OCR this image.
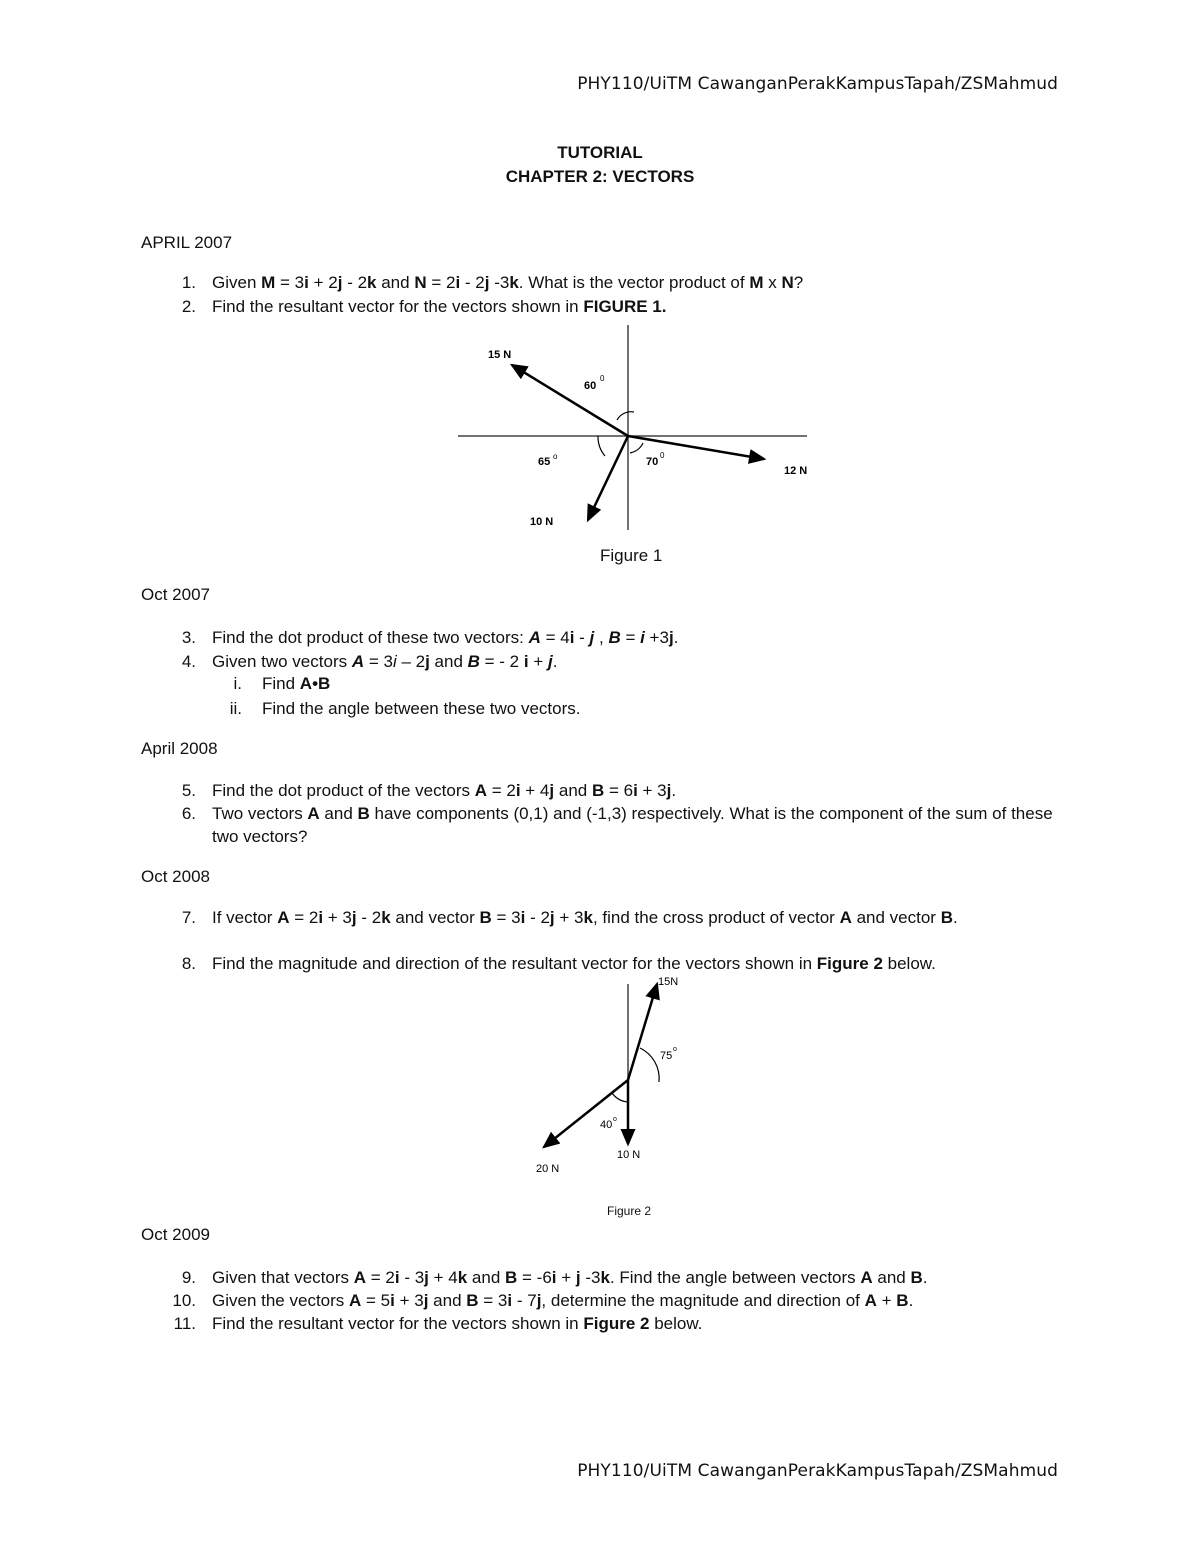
PHY110/UiTM CawanganPerakKampusTapah/ZSMahmud
TUTORIAL
CHAPTER 2: VECTORS
APRIL 2007
1. Given M = 3i + 2j - 2k and N = 2i - 2j -3k. What is the vector product of M x N?
2. Find the resultant vector for the vectors shown in FIGURE 1.
15 N
60
0
65 o	70
0
12 N
10 N
Figure 1
Oct 2007
3. Find the dot product of these two vectors: A = 4i - j , B = i +3j.
4. Given two vectors A = 3i – 2j and B = - 2 i + j.
i. Find A•B
ii. Find the angle between these two vectors.
April 2008
5. Find the dot product of the vectors A = 2i + 4j and B = 6i + 3j.
6. Two vectors A and B have components (0,1) and (-1,3) respectively. What is the component of the sum of these two vectors?
Oct 2008
7. If vector A = 2i + 3j - 2k and vector B = 3i - 2j + 3k, find the cross product of vector A and vector B.
8. Find the magnitude and direction of the resultant vector for the vectors shown in Figure 2 below.
15N
75
o
40 o
10 N
20 N
Figure 2
Oct 2009
9. Given that vectors A = 2i - 3j + 4k and B = -6i + j -3k. Find the angle between vectors A and B.
10. Given the vectors A = 5i + 3j and B = 3i - 7j, determine the magnitude and direction of A + B.
11. Find the resultant vector for the vectors shown in Figure 2 below.
PHY110/UiTM CawanganPerakKampusTapah/ZSMahmud
